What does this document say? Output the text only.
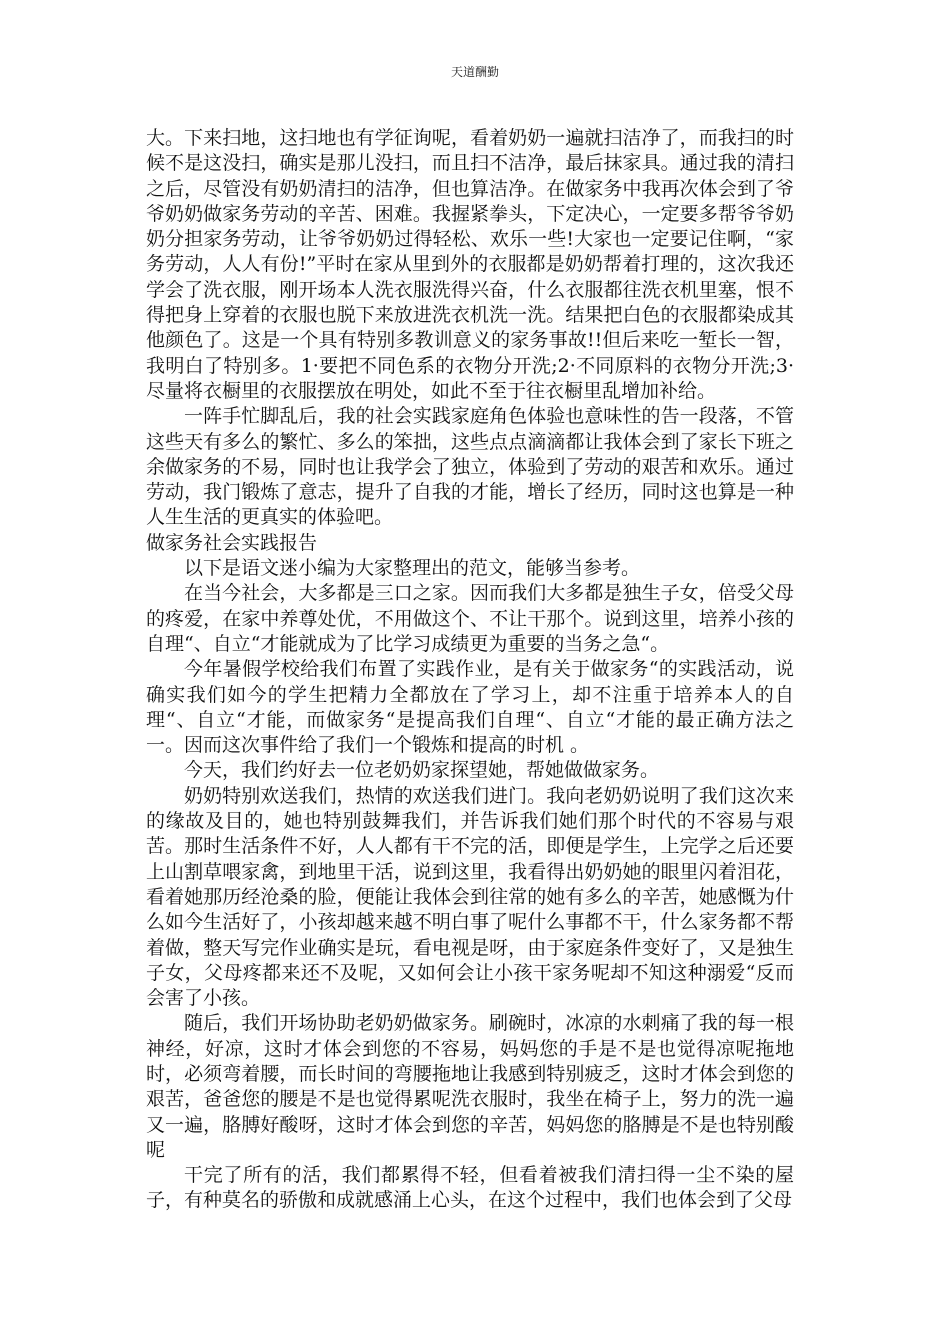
天道酬勤

大。下来扫地，这扫地也有学征询呢，看着奶奶一遍就扫洁净了，而我扫的时候不是这没扫，确实是那儿没扫，而且扫不洁净，最后抹家具。通过我的清扫之后，尽管没有奶奶清扫的洁净，但也算洁净。在做家务中我再次体会到了爷爷奶奶做家务劳动的辛苦、困难。我握紧拳头，下定决心，一定要多帮爷爷奶奶分担家务劳动，让爷爷奶奶过得轻松、欢乐一些!大家也一定要记住啊，“家务劳动，人人有份!”平时在家从里到外的衣服都是奶奶帮着打理的，这次我还学会了洗衣服，刚开场本人洗衣服洗得兴奋，什么衣服都往洗衣机里塞，恨不得把身上穿着的衣服也脱下来放进洗衣机洗一洗。结果把白色的衣服都染成其他颜色了。这是一个具有特别多教训意义的家务事故!!但后来吃一堑长一智，我明白了特别多。1·要把不同色系的衣物分开洗;2·不同原料的衣物分开洗;3·尽量将衣橱里的衣服摆放在明处，如此不至于往衣橱里乱增加补给。

一阵手忙脚乱后，我的社会实践家庭角色体验也意味性的告一段落，不管这些天有多么的繁忙、多么的笨拙，这些点点滴滴都让我体会到了家长下班之余做家务的不易，同时也让我学会了独立，体验到了劳动的艰苦和欢乐。通过劳动，我门锻炼了意志，提升了自我的才能，增长了经历，同时这也算是一种人生生活的更真实的体验吧。

做家务社会实践报告

以下是语文迷小编为大家整理出的范文，能够当参考。

在当今社会，大多都是三口之家。因而我们大多都是独生子女，倍受父母的疼爱，在家中养尊处优，不用做这个、不让干那个。说到这里，培养小孩的自理“、自立“才能就成为了比学习成绩更为重要的当务之急“。

今年暑假学校给我们布置了实践作业，是有关于做家务“的实践活动，说确实我们如今的学生把精力全都放在了学习上，却不注重于培养本人的自理“、自立“才能，而做家务“是提高我们自理“、自立“才能的最正确方法之一。因而这次事件给了我们一个锻炼和提高的时机 。

今天，我们约好去一位老奶奶家探望她，帮她做做家务。

奶奶特别欢送我们，热情的欢送我们进门。我向老奶奶说明了我们这次来的缘故及目的，她也特别鼓舞我们，并告诉我们她们那个时代的不容易与艰苦。那时生活条件不好，人人都有干不完的活，即便是学生，上完学之后还要上山割草喂家禽，到地里干活，说到这里，我看得出奶奶她的眼里闪着泪花，看着她那历经沧桑的脸，便能让我体会到往常的她有多么的辛苦，她感慨为什么如今生活好了，小孩却越来越不明白事了呢什么事都不干，什么家务都不帮着做，整天写完作业确实是玩，看电视是呀，由于家庭条件变好了，又是独生子女，父母疼都来还不及呢，又如何会让小孩干家务呢却不知这种溺爱“反而会害了小孩。

随后，我们开场协助老奶奶做家务。刷碗时，冰凉的水刺痛了我的每一根神经，好凉，这时才体会到您的不容易，妈妈您的手是不是也觉得凉呢拖地时，必须弯着腰，而长时间的弯腰拖地让我感到特别疲乏，这时才体会到您的艰苦，爸爸您的腰是不是也觉得累呢洗衣服时，我坐在椅子上，努力的洗一遍又一遍，胳膊好酸呀，这时才体会到您的辛苦，妈妈您的胳膊是不是也特别酸呢

干完了所有的活，我们都累得不轻，但看着被我们清扫得一尘不染的屋子，有种莫名的骄傲和成就感涌上心头，在这个过程中，我们也体会到了父母
